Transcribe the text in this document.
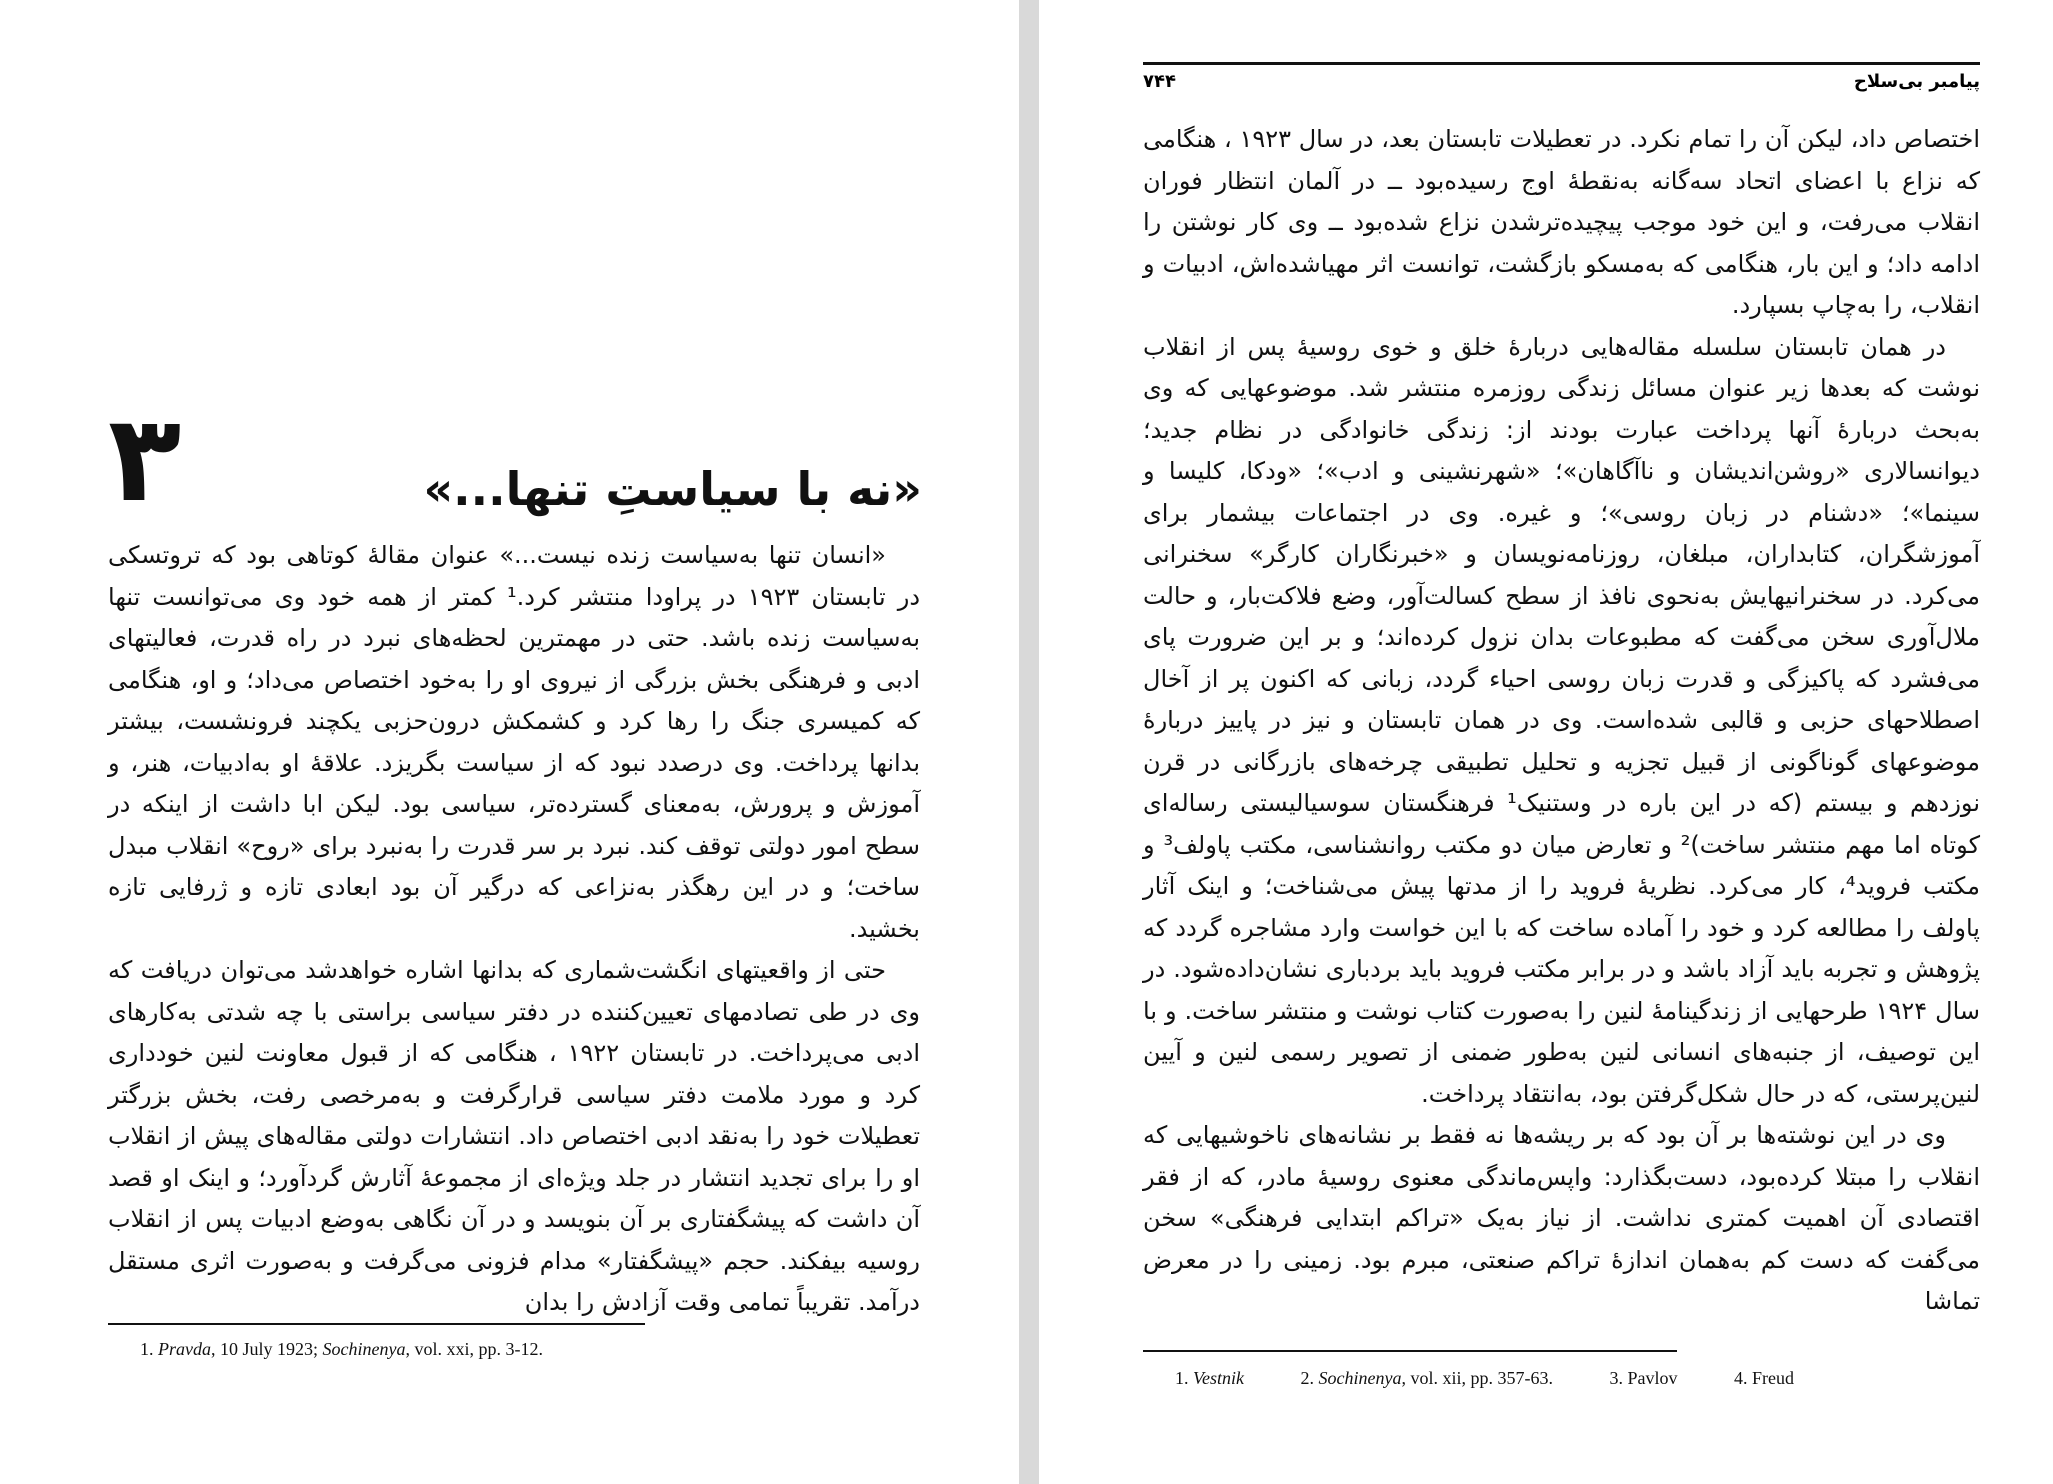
۳	«نه با سیاستِ تنها...»

«انسان تنها به‌سیاست زنده نیست...» عنوان مقالهٔ کوتاهی بود که تروتسکی در تابستان ۱۹۲۳ در پراودا منتشر کرد.¹ کمتر از همه خود وی می‌توانست تنها به‌سیاست زنده باشد. حتی در مهمترین لحظه‌های نبرد در راه قدرت، فعالیتهای ادبی و فرهنگی بخش بزرگی از نیروی او را به‌خود اختصاص می‌داد؛ و او، هنگامی که کمیسری جنگ را رها کرد و کشمکش درون‌حزبی یکچند فرونشست، بیشتر بدانها پرداخت. وی درصدد نبود که از سیاست بگریزد. علاقهٔ او به‌ادبیات، هنر، و آموزش و پرورش، به‌معنای گسترده‌تر، سیاسی بود. لیکن ابا داشت از اینکه در سطح امور دولتی توقف کند. نبرد بر سر قدرت را به‌نبرد برای «روح» انقلاب مبدل ساخت؛ و در این رهگذر به‌نزاعی که درگیر آن بود ابعادی تازه و ژرفایی تازه بخشید.

حتی از واقعیتهای انگشت‌شماری که بدانها اشاره خواهدشد می‌توان دریافت که وی در طی تصادمهای تعیین‌کننده در دفتر سیاسی براستی با چه شدتی به‌کارهای ادبی می‌پرداخت. در تابستان ۱۹۲۲ ، هنگامی که از قبول معاونت لنین خودداری کرد و مورد ملامت دفتر سیاسی قرارگرفت و به‌مرخصی رفت، بخش بزرگتر تعطیلات خود را به‌نقد ادبی اختصاص داد. انتشارات دولتی مقاله‌های پیش از انقلاب او را برای تجدید انتشار در جلد ویژه‌ای از مجموعهٔ آثارش گردآورد؛ و اینک او قصد آن داشت که پیشگفتاری بر آن بنویسد و در آن نگاهی به‌وضع ادبیات پس از انقلاب روسیه بیفکند. حجم «پیشگفتار» مدام فزونی می‌گرفت و به‌صورت اثری مستقل درآمد. تقریباً تمامی وقت آزادش را بدان

1. Pravda, 10 July 1923; Sochinenya, vol. xxi, pp. 3-12.
پیامبر بی‌سلاح
۷۴۴

اختصاص داد، لیکن آن را تمام نکرد. در تعطیلات تابستان بعد، در سال ۱۹۲۳ ، هنگامی که نزاع با اعضای اتحاد سه‌گانه به‌نقطهٔ اوج رسیده‌بود ــ در آلمان انتظار فوران انقلاب می‌رفت، و این خود موجب پیچیده‌ترشدن نزاع شده‌بود ــ وی کار نوشتن را ادامه داد؛ و این بار، هنگامی که به‌مسکو بازگشت، توانست اثر مهیاشده‌اش، ادبیات و انقلاب، را به‌چاپ بسپارد.

در همان تابستان سلسله مقاله‌هایی دربارهٔ خلق و خوی روسیهٔ پس از انقلاب نوشت که بعدها زیر عنوان مسائل زندگی روزمره منتشر شد. موضوعهایی که وی به‌بحث دربارهٔ آنها پرداخت عبارت بودند از: زندگی خانوادگی در نظام جدید؛ دیوانسالاری «روشن‌اندیشان و ناآگاهان»؛ «شهرنشینی و ادب»؛ «ودکا، کلیسا و سینما»؛ «دشنام در زبان روسی»؛ و غیره. وی در اجتماعات بیشمار برای آموزشگران، کتابداران، مبلغان، روزنامه‌نویسان و «خبرنگاران کارگر» سخنرانی می‌کرد. در سخنرانیهایش به‌نحوی نافذ از سطح کسالت‌آور، وضع فلاکت‌بار، و حالت ملال‌آوری سخن می‌گفت که مطبوعات بدان نزول کرده‌اند؛ و بر این ضرورت پای می‌فشرد که پاکیزگی و قدرت زبان روسی احیاء گردد، زبانی که اکنون پر از آخال اصطلاحهای حزبی و قالبی شده‌است. وی در همان تابستان و نیز در پاییز دربارهٔ موضوعهای گوناگونی از قبیل تجزیه و تحلیل تطبیقی چرخه‌های بازرگانی در قرن نوزدهم و بیستم (که در این باره در وستنیک¹ فرهنگستان سوسیالیستی رساله‌ای کوتاه اما مهم منتشر ساخت)² و تعارض میان دو مکتب روانشناسی، مکتب پاولف³ و مکتب فروید⁴، کار می‌کرد. نظریهٔ فروید را از مدتها پیش می‌شناخت؛ و اینک آثار پاولف را مطالعه کرد و خود را آماده ساخت که با این خواست وارد مشاجره گردد که پژوهش و تجربه باید آزاد باشد و در برابر مکتب فروید باید بردباری نشان‌داده‌شود. در سال ۱۹۲۴ طرحهایی از زندگینامهٔ لنین را به‌صورت کتاب نوشت و منتشر ساخت. و با این توصیف، از جنبه‌های انسانی لنین به‌طور ضمنی از تصویر رسمی لنین و آیین لنین‌پرستی، که در حال شکل‌گرفتن بود، به‌انتقاد پرداخت.

وی در این نوشته‌ها بر آن بود که بر ریشه‌ها نه فقط بر نشانه‌های ناخوشیهایی که انقلاب را مبتلا کرده‌بود، دست‌بگذارد: واپس‌ماندگی معنوی روسیهٔ مادر، که از فقر اقتصادی آن اهمیت کمتری نداشت. از نیاز به‌یک «تراکم ابتدایی فرهنگی» سخن می‌گفت که دست کم به‌همان اندازهٔ تراکم صنعتی، مبرم بود. زمینی را در معرض تماشا

1. Vestnik	2. Sochinenya, vol. xii, pp. 357-63.	3. Pavlov	4. Freud
